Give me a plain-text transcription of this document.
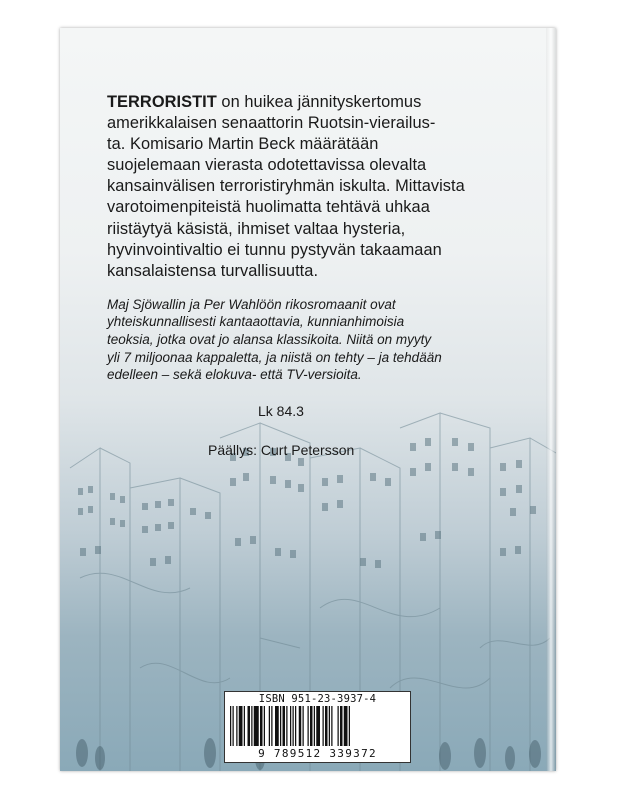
TERRORISTIT on huikea jännityskertomus
amerikkalaisen senaattorin Ruotsin-vierailus-
ta. Komisario Martin Beck määrätään
suojelemaan vierasta odotettavissa olevalta
kansainvälisen terroristiryhmän iskulta. Mittavista
varotoimenpiteistä huolimatta tehtävä uhkaa
riistäytyä käsistä, ihmiset valtaa hysteria,
hyvinvointivaltio ei tunnu pystyvän takaamaan
kansalaistensa turvallisuutta.

Maj Sjöwallin ja Per Wahlöön rikosromaanit ovat
yhteiskunnallisesti kantaaottavia, kunnianhimoisia
teoksia, jotka ovat jo alansa klassikoita. Niitä on myyty
yli 7 miljoonaa kappaletta, ja niistä on tehty – ja tehdään
edelleen – sekä elokuva- että TV-versioita.

Lk 84.3
Päällys: Curt Petersson
ISBN 951-23-3937-4
9 789512 339372
